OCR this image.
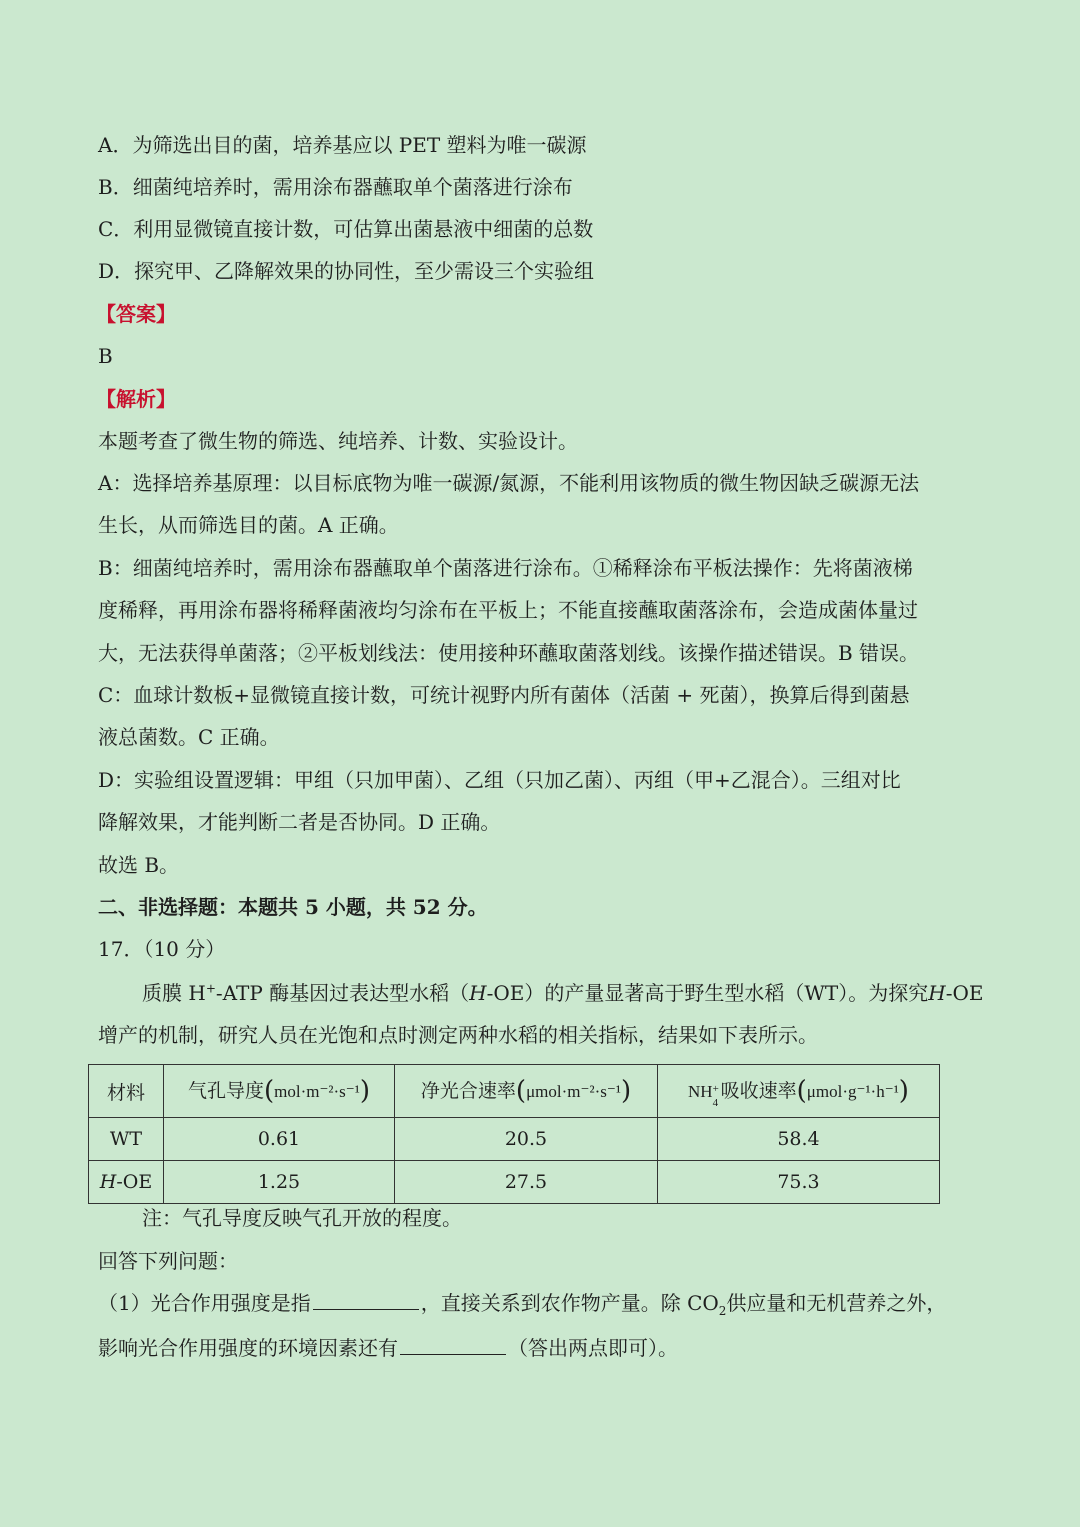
A．为筛选出目的菌，培养基应以 PET 塑料为唯一碳源
B．细菌纯培养时，需用涂布器蘸取单个菌落进行涂布
C．利用显微镜直接计数，可估算出菌悬液中细菌的总数
D．探究甲、乙降解效果的协同性，至少需设三个实验组
【答案】
B
【解析】
本题考查了微生物的筛选、纯培养、计数、实验设计。
A：选择培养基原理：以目标底物为唯一碳源/氮源，不能利用该物质的微生物因缺乏碳源无法
生长，从而筛选目的菌。A 正确。
B：细菌纯培养时，需用涂布器蘸取单个菌落进行涂布。①稀释涂布平板法操作：先将菌液梯
度稀释，再用涂布器将稀释菌液均匀涂布在平板上；不能直接蘸取菌落涂布，会造成菌体量过
大，无法获得单菌落；②平板划线法：使用接种环蘸取菌落划线。该操作描述错误。B 错误。
C：血球计数板+显微镜直接计数，可统计视野内所有菌体（活菌 + 死菌），换算后得到菌悬
液总菌数。C 正确。
D：实验组设置逻辑：甲组（只加甲菌）、乙组（只加乙菌）、丙组（甲+乙混合）。三组对比
降解效果，才能判断二者是否协同。D 正确。
故选 B。
二、非选择题：本题共 5 小题，共 52 分。
17．（10 分）
质膜 H+-ATP 酶基因过表达型水稻（H-OE）的产量显著高于野生型水稻（WT）。为探究H-OE
增产的机制，研究人员在光饱和点时测定两种水稻的相关指标，结果如下表所示。
材料	气孔导度(mol·m⁻²·s⁻¹)	净光合速率(μmol·m⁻²·s⁻¹)	NH +
4
吸收速率(μmol·g⁻¹·h⁻¹)
WT	0.61	20.5	58.4
H-OE	1.25	27.5	75.3
注：气孔导度反映气孔开放的程度。
回答下列问题：
（1）光合作用强度是指	，直接关系到农作物产量。除 $CO_2$供应量和无机营养之外，
影响光合作用强度的环境因素还有	（答出两点即可）。
